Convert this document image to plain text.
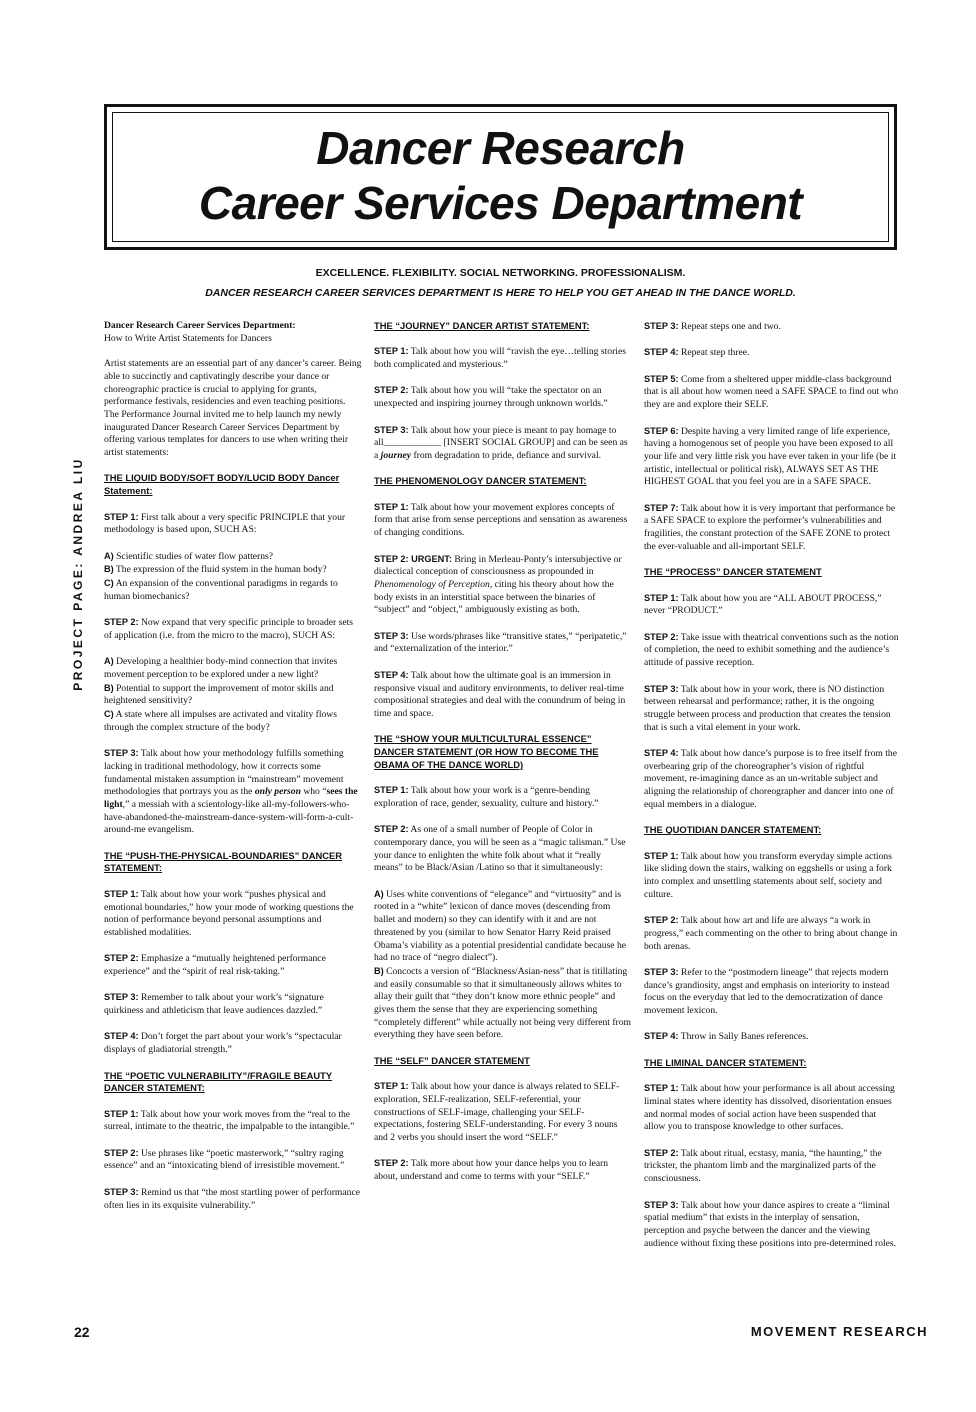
Dancer Research
Career Services Department
EXCELLENCE. FLEXIBILITY. SOCIAL NETWORKING. PROFESSIONALISM.
DANCER RESEARCH CAREER SERVICES DEPARTMENT IS HERE TO HELP YOU GET AHEAD IN THE DANCE WORLD.
PROJECT PAGE: ANDREA LIU

Dancer Research Career Services Department:

How to Write Artist Statements for Dancers

Artist statements are an essential part of any dancer’s career. Being able to succinctly and captivatingly describe your dance or choreographic practice is crucial to applying for grants, performance festivals, residencies and even teaching positions. The Performance Journal invited me to help launch my newly inaugurated Dancer Research Career Services Department by offering various templates for dancers to use when writing their artist statements:

THE LIQUID BODY/SOFT BODY/LUCID BODY Dancer Statement:

STEP 1: First talk about a very specific PRINCIPLE that your methodology is based upon, SUCH AS:

A) Scientific studies of water flow patterns?

B) The expression of the fluid system in the human body?

C) An expansion of the conventional paradigms in regards to human biomechanics?

STEP 2: Now expand that very specific principle to broader sets of application (i.e. from the micro to the macro), SUCH AS:

A) Developing a healthier body-mind connection that invites movement perception to be explored under a new light?

B) Potential to support the improvement of motor skills and heightened sensitivity?

C) A state where all impulses are activated and vitality flows through the complex structure of the body?

STEP 3: Talk about how your methodology fulfills something lacking in traditional methodology, how it corrects some fundamental mistaken assumption in “mainstream” movement methodologies that portrays you as the only person who “sees the light,” a messiah with a scientology-like all-my-followers-who-have-abandoned-the-mainstream-dance-system-will-form-a-cult-around-me evangelism.

THE “PUSH-THE-PHYSICAL-BOUNDARIES” DANCER STATEMENT:

STEP 1: Talk about how your work “pushes physical and emotional boundaries,” how your mode of working questions the notion of performance beyond personal assumptions and established modalities.

STEP 2: Emphasize a “mutually heightened performance experience” and the “spirit of real risk-taking.”

STEP 3: Remember to talk about your work’s “signature quirkiness and athleticism that leave audiences dazzled.”

STEP 4: Don’t forget the part about your work’s “spectacular displays of gladiatorial strength.”

THE “POETIC VULNERABILITY”/FRAGILE BEAUTY DANCER STATEMENT:

STEP 1: Talk about how your work moves from the “real to the surreal, intimate to the theatric, the impalpable to the intangible.”

STEP 2: Use phrases like “poetic masterwork,” “sultry raging essence” and an “intoxicating blend of irresistible movement.”

STEP 3: Remind us that “the most startling power of performance often lies in its exquisite vulnerability.”

THE “JOURNEY” DANCER ARTIST STATEMENT:

STEP 1: Talk about how you will “ravish the eye…telling stories both complicated and mysterious.”

STEP 2: Talk about how you will “take the spectator on an unexpected and inspiring journey through unknown worlds.”

STEP 3: Talk about how your piece is meant to pay homage to all____________ [INSERT SOCIAL GROUP] and can be seen as a journey from degradation to pride, defiance and survival.

THE PHENOMENOLOGY DANCER STATEMENT:

STEP 1: Talk about how your movement explores concepts of form that arise from sense perceptions and sensation as awareness of changing conditions.

STEP 2: URGENT: Bring in Merleau-Ponty’s intersubjective or dialectical conception of consciousness as propounded in Phenomenology of Perception, citing his theory about how the body exists in an interstitial space between the binaries of “subject” and “object,” ambiguously existing as both.

STEP 3: Use words/phrases like “transitive states,” “peripatetic,” and “externalization of the interior.”

STEP 4: Talk about how the ultimate goal is an immersion in responsive visual and auditory environments, to deliver real-time compositional strategies and deal with the conundrum of being in time and space.

THE “SHOW YOUR MULTICULTURAL ESSENCE” DANCER STATEMENT (OR HOW TO BECOME THE OBAMA OF THE DANCE WORLD)

STEP 1: Talk about how your work is a “genre-bending exploration of race, gender, sexuality, culture and history.”

STEP 2: As one of a small number of People of Color in contemporary dance, you will be seen as a “magic talisman.” Use your dance to enlighten the white folk about what it “really means” to be Black/Asian /Latino so that it simultaneously:

A) Uses white conventions of “elegance” and “virtuosity” and is rooted in a “white” lexicon of dance moves (descending from ballet and modern) so they can identify with it and are not threatened by you (similar to how Senator Harry Reid praised Obama’s viability as a potential presidential candidate because he had no trace of “negro dialect”).

B) Concocts a version of “Blackness/Asian-ness” that is titillating and easily consumable so that it simultaneously allows whites to allay their guilt that “they don’t know more ethnic people” and gives them the sense that they are experiencing something “completely different” while actually not being very different from everything they have seen before.

THE “SELF” DANCER STATEMENT

STEP 1: Talk about how your dance is always related to SELF-exploration, SELF-realization, SELF-referential, your constructions of SELF-image, challenging your SELF-expectations, fostering SELF-understanding. For every 3 nouns and 2 verbs you should insert the word “SELF.”

STEP 2: Talk more about how your dance helps you to learn about, understand and come to terms with your “SELF.”

STEP 3: Repeat steps one and two.

STEP 4: Repeat step three.

STEP 5: Come from a sheltered upper middle-class background that is all about how women need a SAFE SPACE to find out who they are and explore their SELF.

STEP 6: Despite having a very limited range of life experience, having a homogenous set of people you have been exposed to all your life and very little risk you have ever taken in your life (be it artistic, intellectual or political risk), ALWAYS SET AS THE HIGHEST GOAL that you feel you are in a SAFE SPACE.

STEP 7: Talk about how it is very important that performance be a SAFE SPACE to explore the performer’s vulnerabilities and fragilities, the constant protection of the SAFE ZONE to protect the ever-valuable and all-important SELF.

THE “PROCESS” DANCER STATEMENT

STEP 1: Talk about how you are “ALL ABOUT PROCESS,” never “PRODUCT.”

STEP 2: Take issue with theatrical conventions such as the notion of completion, the need to exhibit something and the audience’s attitude of passive reception.

STEP 3: Talk about how in your work, there is NO distinction between rehearsal and performance; rather, it is the ongoing struggle between process and production that creates the tension that is such a vital element in your work.

STEP 4: Talk about how dance’s purpose is to free itself from the overbearing grip of the choreographer’s vision of rightful movement, re-imagining dance as an un-writable subject and aligning the relationship of choreographer and dancer into one of equal members in a dialogue.

THE QUOTIDIAN DANCER STATEMENT:

STEP 1: Talk about how you transform everyday simple actions like sliding down the stairs, walking on eggshells or using a fork into complex and unsettling statements about self, society and culture.

STEP 2: Talk about how art and life are always “a work in progress,” each commenting on the other to bring about change in both arenas.

STEP 3: Refer to the “postmodern lineage” that rejects modern dance’s grandiosity, angst and emphasis on interiority to instead focus on the everyday that led to the democratization of dance movement lexicon.

STEP 4: Throw in Sally Banes references.

THE LIMINAL DANCER STATEMENT:

STEP 1: Talk about how your performance is all about accessing liminal states where identity has dissolved, disorientation ensues and normal modes of social action have been suspended that allow you to transpose knowledge to other surfaces.

STEP 2: Talk about ritual, ecstasy, mania, “the haunting,” the trickster, the phantom limb and the marginalized parts of the consciousness.

STEP 3: Talk about how your dance aspires to create a “liminal spatial medium” that exists in the interplay of sensation, perception and psyche between the dancer and the viewing audience without fixing these positions into pre-determined roles.

22	MOVEMENT RESEARCH
